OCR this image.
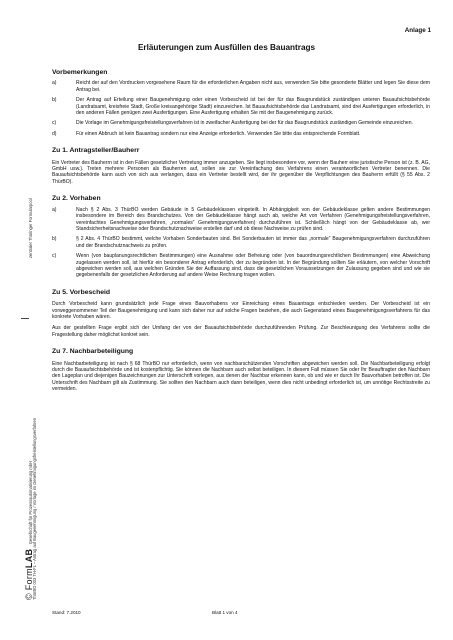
Anlage 1
Erläuterungen zum Ausfüllen des Bauantrags
zentraler Thüringer Formularpool
© FormLAB Gesellschaft für Prozessautomatisierung mbH ThürBO 003 TH-FL – Antrag auf Baugenehmigung / Vorlage im Genehmigungsfreistellungsverfahren
Vorbemerkungen
a)	Reicht der auf den Vordrucken vorgesehene Raum für die erforderlichen Angaben nicht aus, verwenden Sie bitte gesonderte Blätter und legen Sie diese dem Antrag bei.
b)	Der Antrag auf Erteilung einer Baugenehmigung oder einen Vorbescheid ist bei der für das Baugrundstück zuständigen unteren Bauaufsichtsbehörde (Landratsamt, kreisfreie Stadt, Große kreisangehörige Stadt) einzureichen. Ist Bauaufsichtsbehörde das Landratsamt, sind drei Ausfertigungen erforderlich, in den anderen Fällen genügen zwei Ausfertigungen. Eine Ausfertigung erhalten Sie mit der Baugenehmigung zurück.
c)	Die Vorlage im Genehmigungsfreistellungsverfahren ist in zweifacher Ausfertigung bei der für das Baugrundstück zuständigen Gemeinde einzureichen.
d)	Für einen Abbruch ist kein Bauantrag sondern nur eine Anzeige erforderlich. Verwenden Sie bitte das entsprechende Formblatt.
Zu 1. Antragsteller/Bauherr

Ein Vertreter des Bauherrn ist in den Fällen gesetzlicher Vertretung immer anzugeben. Sie liegt insbesondere vor, wenn der Bauherr eine juristische Person ist (z. B. AG, GmbH usw.). Treten mehrere Personen als Bauherren auf, sollen sie zur Vereinfachung des Verfahrens einen verantwortlichen Vertreter benennen. Die Bauaufsichtsbehörde kann auch von sich aus verlangen, dass ein Vertreter bestellt wird, der ihr gegenüber die Verpflichtungen des Bauherrn erfüllt (§ 55 Abs. 2 ThürBO).

Zu 2. Vorhaben
a)	Nach § 2 Abs. 3 ThürBO werden Gebäude in 5 Gebäudeklassen eingeteilt. In Abhängigkeit von der Gebäudeklasse gelten andere Bestimmungen insbesondere im Bereich des Brandschutzes. Von der Gebäudeklasse hängt auch ab, welche Art von Verfahren (Genehmigungsfreistellungsverfahren, vereinfachtes Genehmigungsverfahren, „normales“ Genehmigungsverfahren) durchzuführen ist. Schließlich hängt von der Gebäudeklasse ab, wer Standsicherheitsnachweise oder Brandschutznachweise erstellen darf und ob diese Nachweise zu prüfen sind.
b)	§ 2 Abs. 4 ThürBO bestimmt, welche Vorhaben Sonderbauten sind. Bei Sonderbauten ist immer das „normale“ Baugenehmigungsverfahren durchzuführen und der Brandschutznachweis zu prüfen.
c)	Wenn (von bauplanungsrechtlichen Bestimmungen) eine Ausnahme oder Befreiung oder (von bauordnungsrechtlichen Bestimmungen) eine Abweichung zugelassen werden soll, ist hierfür ein besonderer Antrag erforderlich, der zu begründen ist. In der Begründung sollten Sie erläutern, von welcher Vorschrift abgewichen werden soll, aus welchen Gründen Sie der Auffassung sind, dass die gesetzlichen Voraussetzungen der Zulassung gegeben sind und wie sie gegebenenfalls der gesetzlichen Anforderung auf andere Weise Rechnung tragen wollen.
Zu 5. Vorbescheid

Durch Vorbescheid kann grundsätzlich jede Frage eines Bauvorhabens vor Einreichung eines Bauantrags entschieden werden. Der Vorbescheid ist ein vorweggenommener Teil der Baugenehmigung und kann sich daher nur auf solche Fragen beziehen, die auch Gegenstand eines Baugenehmigungsverfahrens für das konkrete Vorhaben wären.

Aus der gestellten Frage ergibt sich der Umfang der von der Bauaufsichtsbehörde durchzuführenden Prüfung. Zur Beschleunigung des Verfahrens sollte die Fragestellung daher möglichst konkret sein.

Zu 7. Nachbarbeteiligung

Eine Nachbarbeteiligung ist nach § 68 ThürBO nur erforderlich, wenn von nachbarschützenden Vorschriften abgewichen werden soll. Die Nachbarbeteiligung erfolgt durch die Bauaufsichtsbehörde und ist kostenpflichtig. Sie können die Nachbarn auch selbst beteiligen. In diesem Fall müssen Sie oder Ihr Beauftragter den Nachbarn den Lageplan und diejenigen Bauzeichnungen zur Unterschrift vorlegen, aus denen der Nachbar erkennen kann, ob und wie er durch Ihr Bauvorhaben betroffen ist. Die Unterschrift des Nachbarn gilt als Zustimmung. Sie sollten den Nachbarn auch dann beteiligen, wenn dies nicht unbedingt erforderlich ist, um unnötige Rechtsstreite zu vermeiden.

Stand: 7.2010	Blatt 1 von 4
